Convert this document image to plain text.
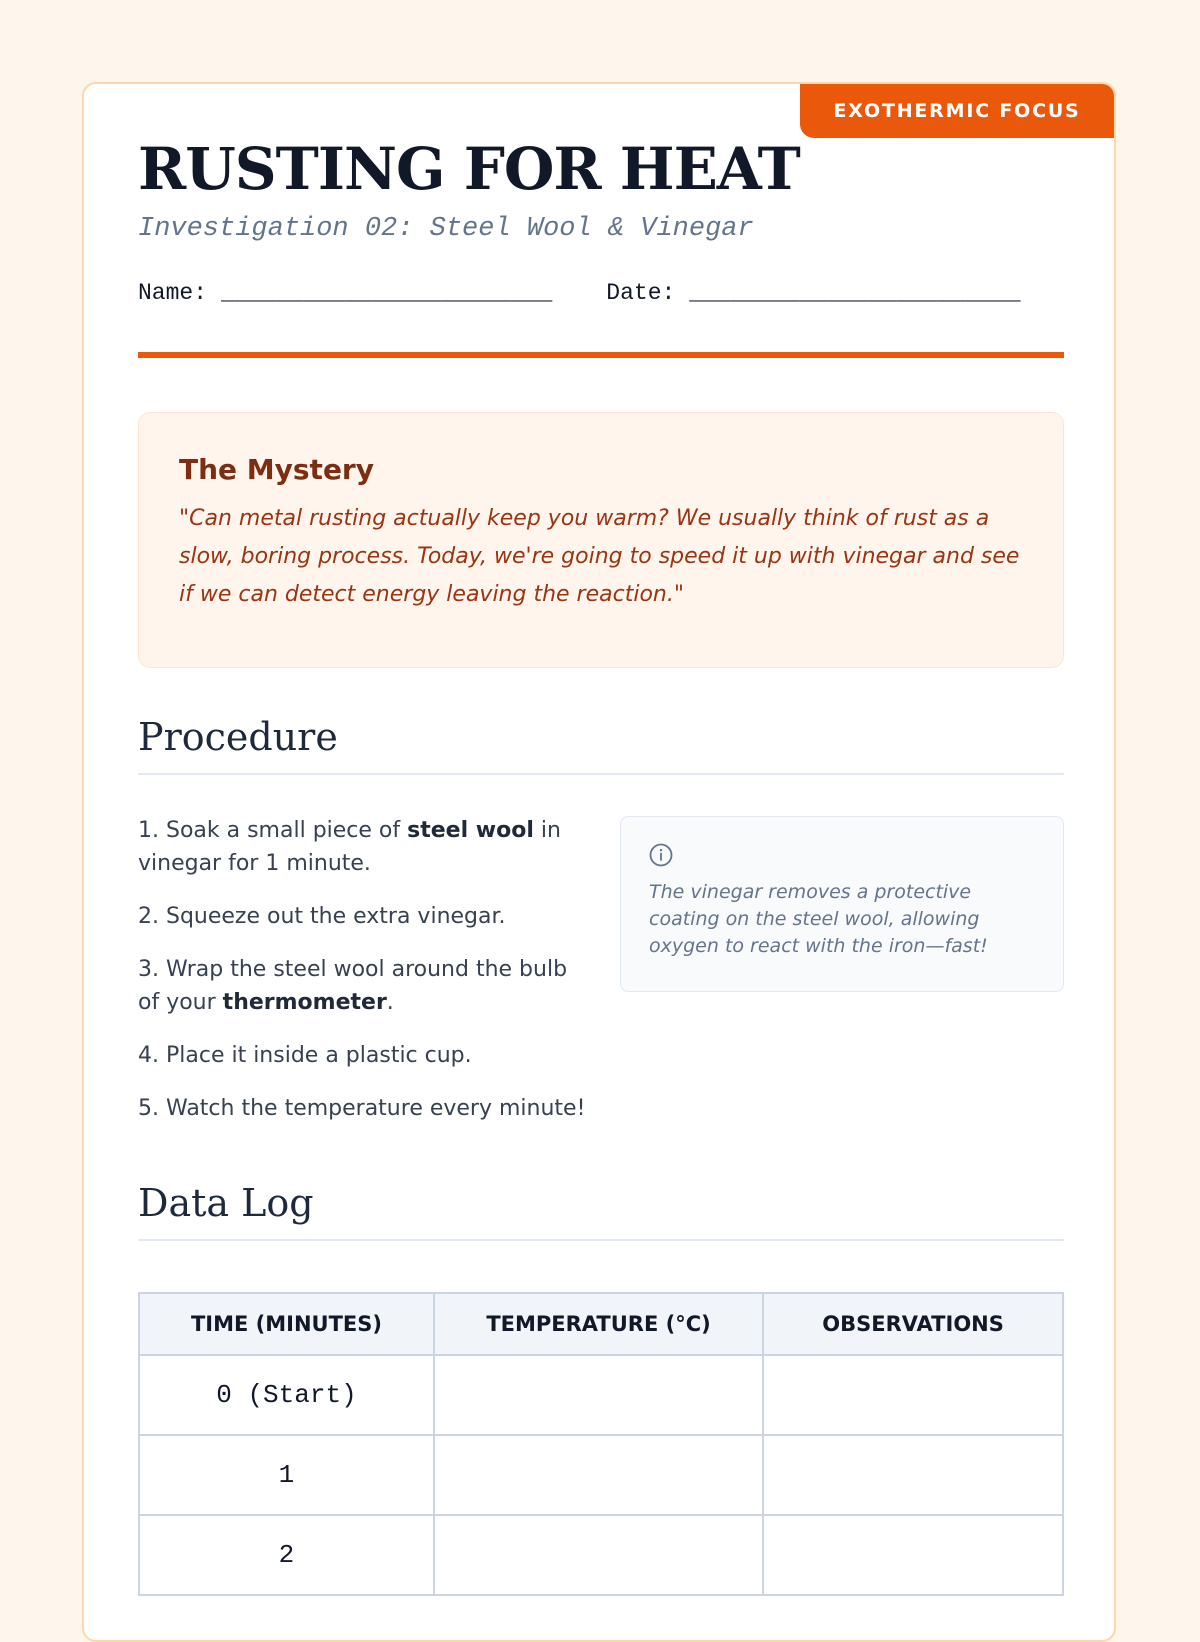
EXOTHERMIC FOCUS
RUSTING FOR HEAT
Investigation 02: Steel Wool & Vinegar
Name: ________________________ Date: ________________________
The Mystery

"Can metal rusting actually keep you warm? We usually think of rust as a slow, boring process. Today, we're going to speed it up with vinegar and see if we can detect energy leaving the reaction."

Procedure
1. Soak a small piece of steel wool in vinegar for 1 minute.
2. Squeeze out the extra vinegar.
3. Wrap the steel wool around the bulb of your thermometer.
4. Place it inside a plastic cup.
5. Watch the temperature every minute!

The vinegar removes a protective coating on the steel wool, allowing oxygen to react with the iron—fast!

Data Log
TIME (MINUTES)	TEMPERATURE (°C)	OBSERVATIONS
0 (Start)		
1		
2		
